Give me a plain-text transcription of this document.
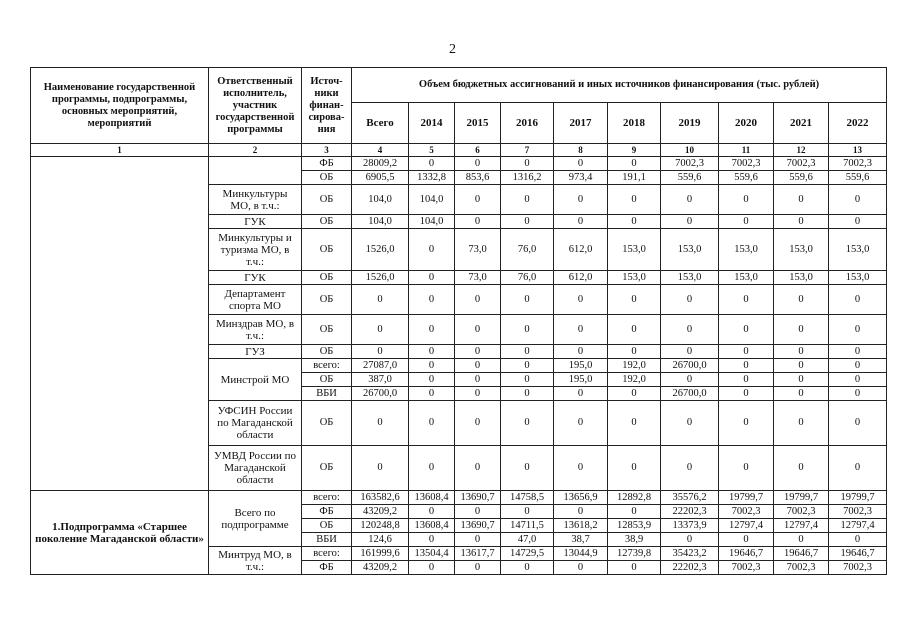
2
Наименование государственной программы, подпрограммы, основных мероприятий, мероприятий	Ответственный исполнитель, участник государственной программы	Источ-ники финан-сирова-ния	Объем бюджетных ассигнований и иных источников финансирования (тыс. рублей)									
			Всего	2014	2015	2016	2017	2018	2019	2020	2021	2022
1	2	3	4	5	6	7	8	9	10	11	12	13
		ФБ	28009,2	0	0	0	0	0	7002,3	7002,3	7002,3	7002,3
		ОБ	6905,5	1332,8	853,6	1316,2	973,4	191,1	559,6	559,6	559,6	559,6
	Минкультуры МО, в т.ч.:	ОБ	104,0	104,0	0	0	0	0	0	0	0	0
	ГУК	ОБ	104,0	104,0	0	0	0	0	0	0	0	0
	Минкультуры и туризма МО, в т.ч.:	ОБ	1526,0	0	73,0	76,0	612,0	153,0	153,0	153,0	153,0	153,0
	ГУК	ОБ	1526,0	0	73,0	76,0	612,0	153,0	153,0	153,0	153,0	153,0
	Департамент спорта МО	ОБ	0	0	0	0	0	0	0	0	0	0
	Минздрав МО, в т.ч.:	ОБ	0	0	0	0	0	0	0	0	0	0
	ГУЗ	ОБ	0	0	0	0	0	0	0	0	0	0
	Минстрой МО	всего:	27087,0	0	0	0	195,0	192,0	26700,0	0	0	0
		ОБ	387,0	0	0	0	195,0	192,0	0	0	0	0
		ВБИ	26700,0	0	0	0	0	0	26700,0	0	0	0
	УФСИН России по Магаданской области	ОБ	0	0	0	0	0	0	0	0	0	0
	УМВД России по Магаданской области	ОБ	0	0	0	0	0	0	0	0	0	0
1.Подпрограмма «Старшее поколение Магаданской области»	Всего по подпрограмме	всего:	163582,6	13608,4	13690,7	14758,5	13656,9	12892,8	35576,2	19799,7	19799,7	19799,7
		ФБ	43209,2	0	0	0	0	0	22202,3	7002,3	7002,3	7002,3
		ОБ	120248,8	13608,4	13690,7	14711,5	13618,2	12853,9	13373,9	12797,4	12797,4	12797,4
		ВБИ	124,6	0	0	47,0	38,7	38,9	0	0	0	0
	Минтруд МО, в т.ч.:	всего:	161999,6	13504,4	13617,7	14729,5	13044,9	12739,8	35423,2	19646,7	19646,7	19646,7
		ФБ	43209,2	0	0	0	0	0	22202,3	7002,3	7002,3	7002,3
